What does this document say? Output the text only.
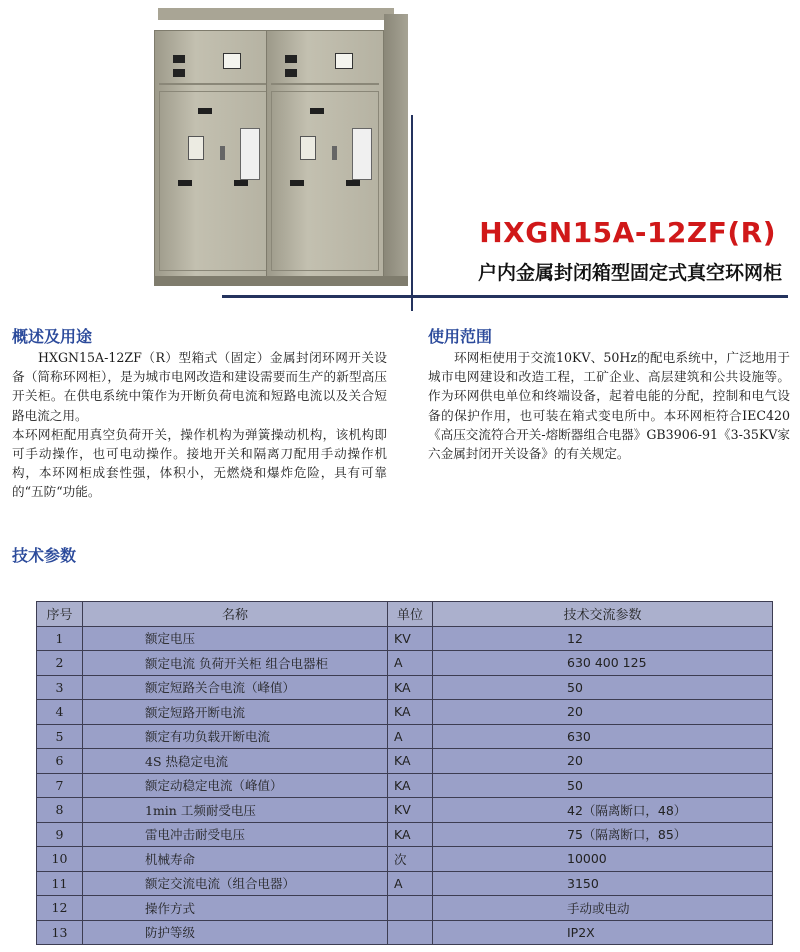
HXGN15A-12ZF(R)
户内金属封闭箱型固定式真空环网柜
概述及用途

HXGN15A-12ZF（R）型箱式（固定）金属封闭环网开关设备（简称环网柜），是为城市电网改造和建设需要而生产的新型高压开关柜。在供电系统中策作为开断负荷电流和短路电流以及关合短路电流之用。

本环网柜配用真空负荷开关，操作机构为弹簧操动机构，该机构即可手动操作，也可电动操作。接地开关和隔离刀配用手动操作机构，本环网柜成套性强，体积小，无燃烧和爆炸危险，具有可靠的“五防“功能。

使用范围

环网柜使用于交流10KV、50Hz的配电系统中，广泛地用于城市电网建设和改造工程，工矿企业、高层建筑和公共设施等。作为环网供电单位和终端设备，起着电能的分配，控制和电气设备的保护作用，也可装在箱式变电所中。本环网柜符合IEC420《高压交流符合开关-熔断器组合电器》GB3906-91《3-35KV家六金属封闭开关设备》的有关规定。

技术参数
序号	名称	单位	技术交流参数
1	额定电压	KV	12
2	额定电流 负荷开关柜 组合电器柜	A	630 400 125
3	额定短路关合电流（峰值）	KA	50
4	额定短路开断电流	KA	20
5	额定有功负载开断电流	A	630
6	4S 热稳定电流	KA	20
7	额定动稳定电流（峰值）	KA	50
8	1min 工频耐受电压	KV	42（隔离断口，48）
9	雷电冲击耐受电压	KA	75（隔离断口，85）
10	机械寿命	次	10000
11	额定交流电流（组合电器）	A	3150
12	操作方式		手动或电动
13	防护等级		IP2X
